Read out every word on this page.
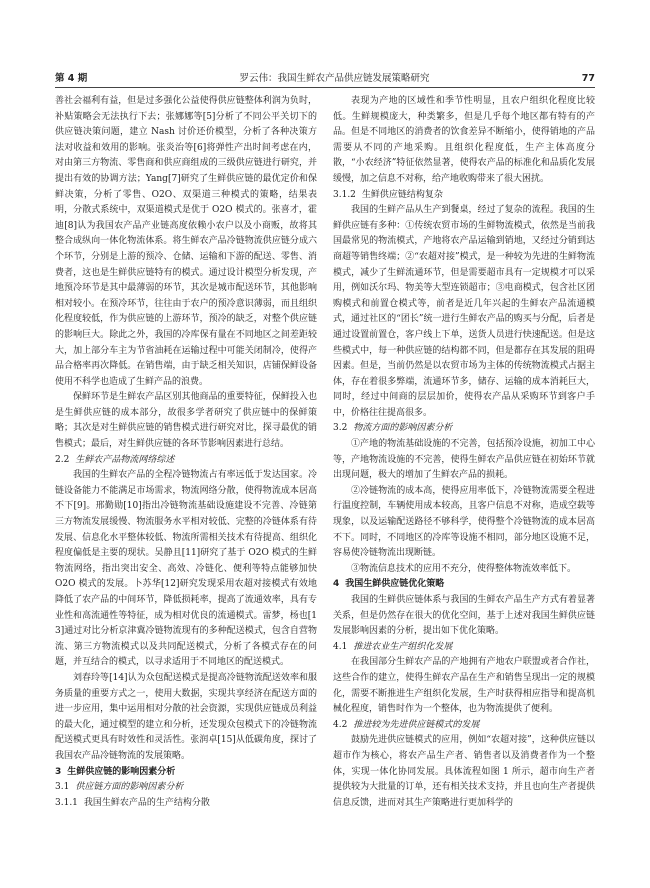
第 4 期	罗云伟：我国生鲜农产品供应链发展策略研究	77

善社会福利有益，但是过多强化公益使得供应链整体利润为负时，补贴策略会无法执行下去；张娜娜等[5]分析了不同公平关切下的供应链决策问题，建立 Nash 讨价还价模型，分析了各种决策方法对收益和效用的影响。张炎治等[6]将弹性产出时间考虑在内，对由第三方物流、零售商和供应商组成的三级供应链进行研究，并提出有效的协调方法；Yang[7]研究了生鲜供应链的最优定价和保鲜决策，分析了零售、O2O、双渠道三种模式的策略，结果表明，分散式系统中，双渠道模式是优于 O2O 模式的。张喜才，霍迪[8]认为我国农产品产业链高度依赖小农户以及小商贩，故将其整合成纵向一体化物流体系。将生鲜农产品冷链物流供应链分成六个环节，分别是上游的预冷、仓储、运输和下游的配送、零售、消费者，这也是生鲜供应链特有的模式。通过设计模型分析发现，产地预冷环节是其中最薄弱的环节，其次是城市配送环节，其他影响相对较小。在预冷环节，往往由于农户的预冷意识薄弱，而且组织化程度较低，作为供应链的上游环节，预冷的缺乏，对整个供应链的影响巨大。除此之外，我国的冷库保有量在不同地区之间差距较大，加上部分车主为节省油耗在运输过程中可能关闭制冷，使得产品合格率再次降低。在销售端，由于缺乏相关知识，店铺保鲜设备使用不科学也造成了生鲜产品的浪费。

保鲜环节是生鲜农产品区别其他商品的重要特征，保鲜投入也是生鲜供应链的成本部分，故很多学者研究了供应链中的保鲜策略；其次是对生鲜供应链的销售模式进行研究对比，探寻最优的销售模式；最后，对生鲜供应链的各环节影响因素进行总结。

2.2 生鲜农产品物流网络综述

我国的生鲜农产品的全程冷链物流占有率远低于发达国家。冷链设备能力不能满足市场需求，物流网络分散，使得物流成本居高不下[9]。邢勤勋[10]指出冷链物流基础设施建设不完善、冷链第三方物流发展缓慢、物流服务水平相对较低、完整的冷链体系有待发展、信息化水平整体较低、物流所需相关技术有待提高、组织化程度偏低是主要的现状。吴静且[11]研究了基于 O2O 模式的生鲜物流网络，指出突出安全、高效、冷链化、便利等特点能够加快 O2O 模式的发展。卜苏华[12]研究发现采用农超对接模式有效地降低了农产品的中间环节，降低损耗率，提高了流通效率，具有专业性和高流通性等特征，成为相对优良的流通模式。雷梦，杨也[13]通过对比分析京津冀冷链物流现有的多种配送模式，包含自营物流、第三方物流模式以及共同配送模式，分析了各模式存在的问题，并互结合的模式，以寻求适用于不同地区的配送模式。

刘春玲等[14]认为众包配送模式是提高冷链物流配送效率和服务质量的重要方式之一，使用大数据，实现共享经济在配送方面的进一步应用，集中运用相对分散的社会资源，实现供应链成员利益的最大化，通过模型的建立和分析，还发现众包模式下的冷链物流配送模式更具有时效性和灵活性。张润卓[15]从低碳角度，探讨了我国农产品冷链物流的发展策略。

3 生鲜供应链的影响因素分析
3.1 供应链方面的影响因素分析
3.1.1 我国生鲜农产品的生产结构分散

表现为产地的区域性和季节性明显，且农户组织化程度比较低。生鲜规模庞大，种类繁多，但是几乎每个地区都有特有的产品。但是不同地区的消费者的饮食差异不断缩小，使得销地的产品需要从不同的产地采购。且组织化程度低，生产主体高度分散，“小农经济”特征依然显著，使得农产品的标准化和品质化发展缓慢，加之信息不对称，给产地收购带来了很大困扰。

3.1.2 生鲜供应链结构复杂

我国的生鲜产品从生产到餐桌，经过了复杂的流程。我国的生鲜供应链有多种：①传统农贸市场的生鲜物流模式，依然是当前我国最常见的物流模式，产地将农产品运输到销地，又经过分销到达商超等销售终端；②“农超对接”模式，是一种较为先进的生鲜物流模式，减少了生鲜流通环节，但是需要超市具有一定规模才可以采用，例如沃尔玛、物美等大型连锁超市；③电商模式，包含社区团购模式和前置仓模式等，前者是近几年兴起的生鲜农产品流通模式，通过社区的“团长”统一进行生鲜农产品的购买与分配，后者是通过设置前置仓，客户线上下单，送货人员进行快速配送。但是这些模式中，每一种供应链的结构都不同，但是都存在其发展的阻碍因素。但是，当前仍然是以农贸市场为主体的传统物流模式占据主体，存在着很多弊端，流通环节多，储存、运输的成本消耗巨大，同时，经过中间商的层层加价，使得农产品从采购环节到客户手中，价格往往提高很多。

3.2 物流方面的影响因素分析

①产地的物流基础设施的不完善，包括预冷设施，初加工中心等，产地物流设施的不完善，使得生鲜农产品供应链在初始环节就出现问题，极大的增加了生鲜农产品的损耗。

②冷链物流的成本高，使得应用率低下，冷链物流需要全程进行温度控制，车辆使用成本较高，且客户信息不对称，造成空载等现象，以及运输配送路径不够科学，使得整个冷链物流的成本居高不下。同时，不同地区的冷库等设施不相同，部分地区设施不足，容易使冷链物流出现断链。

③物流信息技术的应用不充分，使得整体物流效率低下。

4 我国生鲜供应链优化策略

我国的生鲜供应链体系与我国的生鲜农产品生产方式有着显著关系，但是仍然存在很大的优化空间，基于上述对我国生鲜供应链发展影响因素的分析，提出如下优化策略。

4.1 推进农业生产组织化发展

在我国部分生鲜农产品的产地拥有产地农户联盟或者合作社，这些合作的建立，使得生鲜农产品在生产和销售呈现出一定的规模化，需要不断推进生产组织化发展，生产时获得相应指导和提高机械化程度，销售时作为一个整体，也为物流提供了便利。

4.2 推进较为先进供应链模式的发展

鼓励先进供应链模式的应用，例如“农超对接”，这种供应链以超市作为核心，将农产品生产者、销售者以及消费者作为一个整体，实现一体化协同发展。具体流程如图 1 所示，超市向生产者提供较为大批量的订单，还有相关技术支持，并且也向生产者提供信息反馈，进而对其生产策略进行更加科学的
